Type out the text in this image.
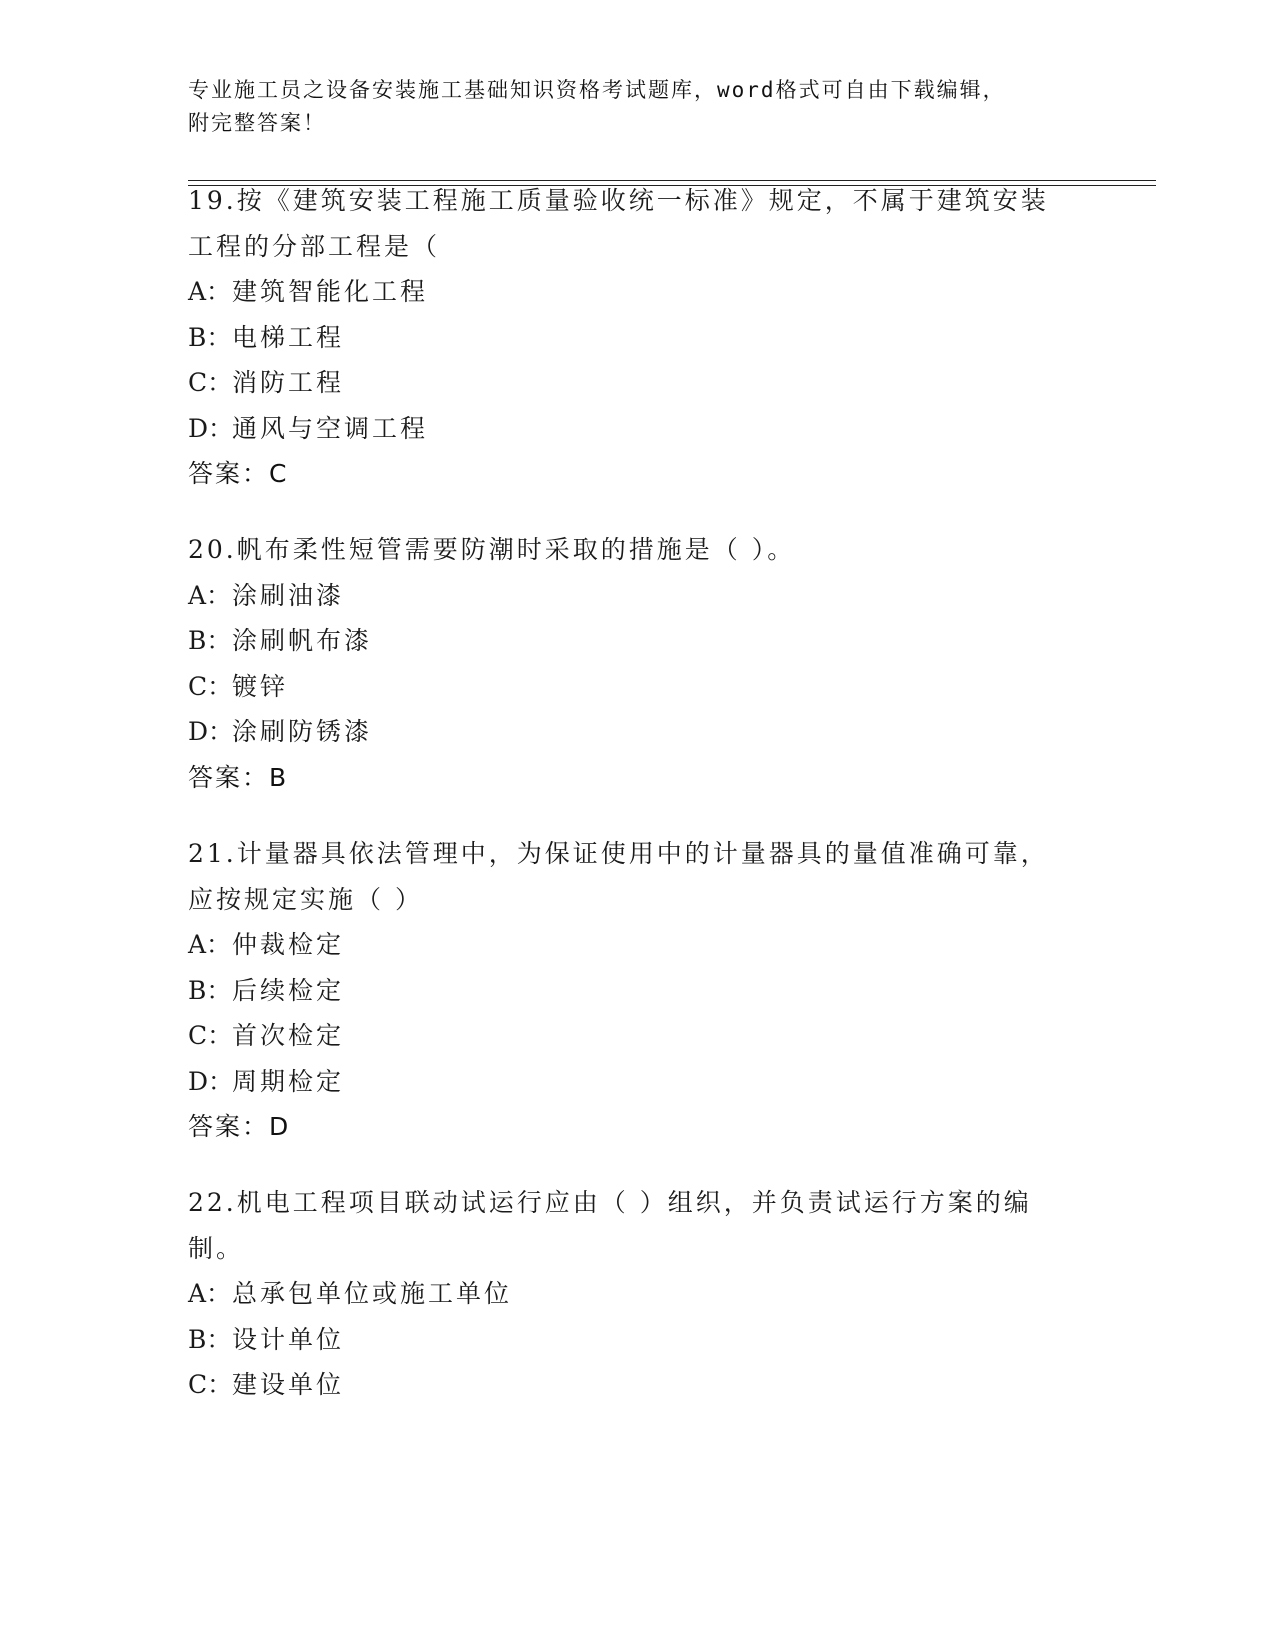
专业施工员之设备安装施工基础知识资格考试题库，word格式可自由下载编辑，
附完整答案！
19.按《建筑安装工程施工质量验收统一标准》规定，不属于建筑安装
工程的分部工程是（
A：建筑智能化工程
B：电梯工程
C：消防工程
D：通风与空调工程
答案：C
20.帆布柔性短管需要防潮时采取的措施是（ ）。
A：涂刷油漆
B：涂刷帆布漆
C：镀锌
D：涂刷防锈漆
答案：B
21.计量器具依法管理中，为保证使用中的计量器具的量值准确可靠，
应按规定实施（ ）
A：仲裁检定
B：后续检定
C：首次检定
D：周期检定
答案：D
22.机电工程项目联动试运行应由（ ）组织，并负责试运行方案的编
制。
A：总承包单位或施工单位
B：设计单位
C：建设单位
